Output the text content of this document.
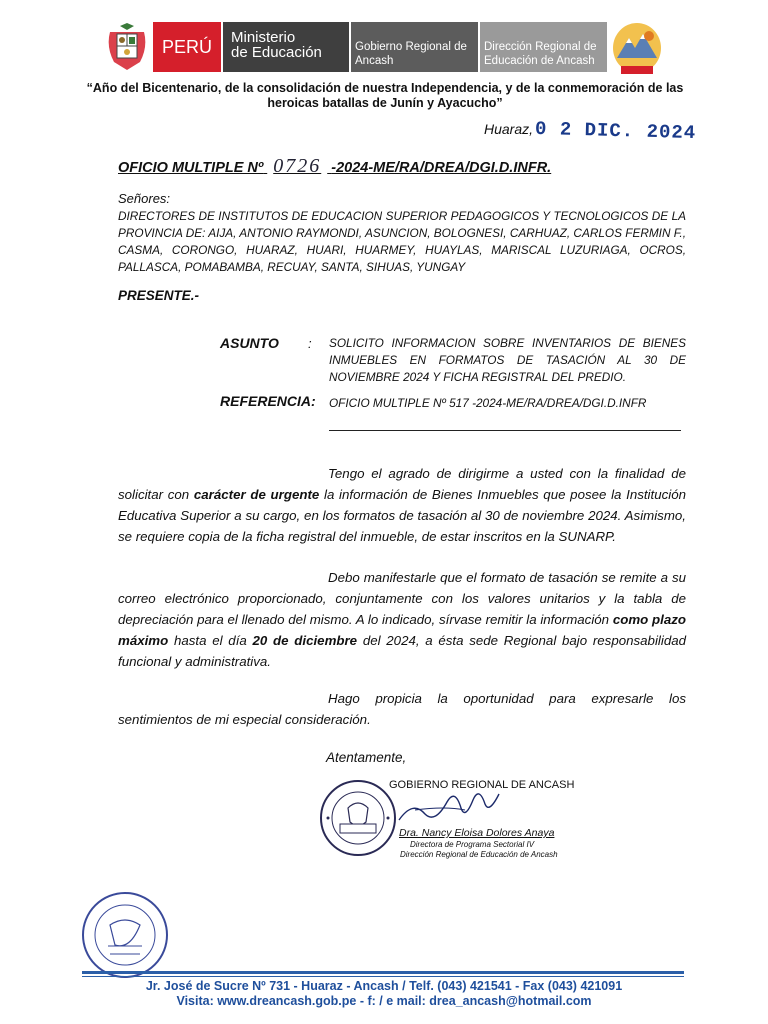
PERÚ	Ministerio
de Educación	Gobierno Regional de
Ancash
Dirección Regional de
Educación de Ancash
“Año del Bicentenario, de la consolidación de nuestra Independencia, y de la conmemoración de las heroicas batallas de Junín y Ayacucho”
Huaraz, 0 2 DIC. 2024
OFICIO MULTIPLE Nº 0726 -2024-ME/RA/DREA/DGI.D.INFR.
Señores:
DIRECTORES DE INSTITUTOS DE EDUCACION SUPERIOR PEDAGOGICOS Y TECNOLOGICOS DE LA PROVINCIA DE: AIJA, ANTONIO RAYMONDI, ASUNCION, BOLOGNESI, CARHUAZ, CARLOS FERMIN F., CASMA, CORONGO, HUARAZ, HUARI, HUARMEY, HUAYLAS, MARISCAL LUZURIAGA, OCROS, PALLASCA, POMABAMBA, RECUAY, SANTA, SIHUAS, YUNGAY
PRESENTE.-
ASUNTO : SOLICITO INFORMACION SOBRE INVENTARIOS DE BIENES INMUEBLES EN FORMATOS DE TASACIÓN AL 30 DE NOVIEMBRE 2024 Y FICHA REGISTRAL DEL PREDIO.
REFERENCIA: OFICIO MULTIPLE Nº 517 -2024-ME/RA/DREA/DGI.D.INFR
Tengo el agrado de dirigirme a usted con la finalidad de solicitar con carácter de urgente la información de Bienes Inmuebles que posee la Institución Educativa Superior a su cargo, en los formatos de tasación al 30 de noviembre 2024. Asimismo, se requiere copia de la ficha registral del inmueble, de estar inscritos en la SUNARP.
Debo manifestarle que el formato de tasación se remite a su correo electrónico proporcionado, conjuntamente con los valores unitarios y la tabla de depreciación para el llenado del mismo. A lo indicado, sírvase remitir la información como plazo máximo hasta el día 20 de diciembre del 2024, a ésta sede Regional bajo responsabilidad funcional y administrativa.
Hago propicia la oportunidad para expresarle los sentimientos de mi especial consideración.
Atentamente,
GOBIERNO REGIONAL DE ANCASH
Dra. Nancy Eloisa Dolores Anaya
Directora de Programa Sectorial IV
Dirección Regional de Educación de Ancash
Jr. José de Sucre Nº 731 - Huaraz - Ancash / Telf. (043) 421541 - Fax (043) 421091
Visita: www.dreancash.gob.pe - f: / e mail: drea_ancash@hotmail.com
